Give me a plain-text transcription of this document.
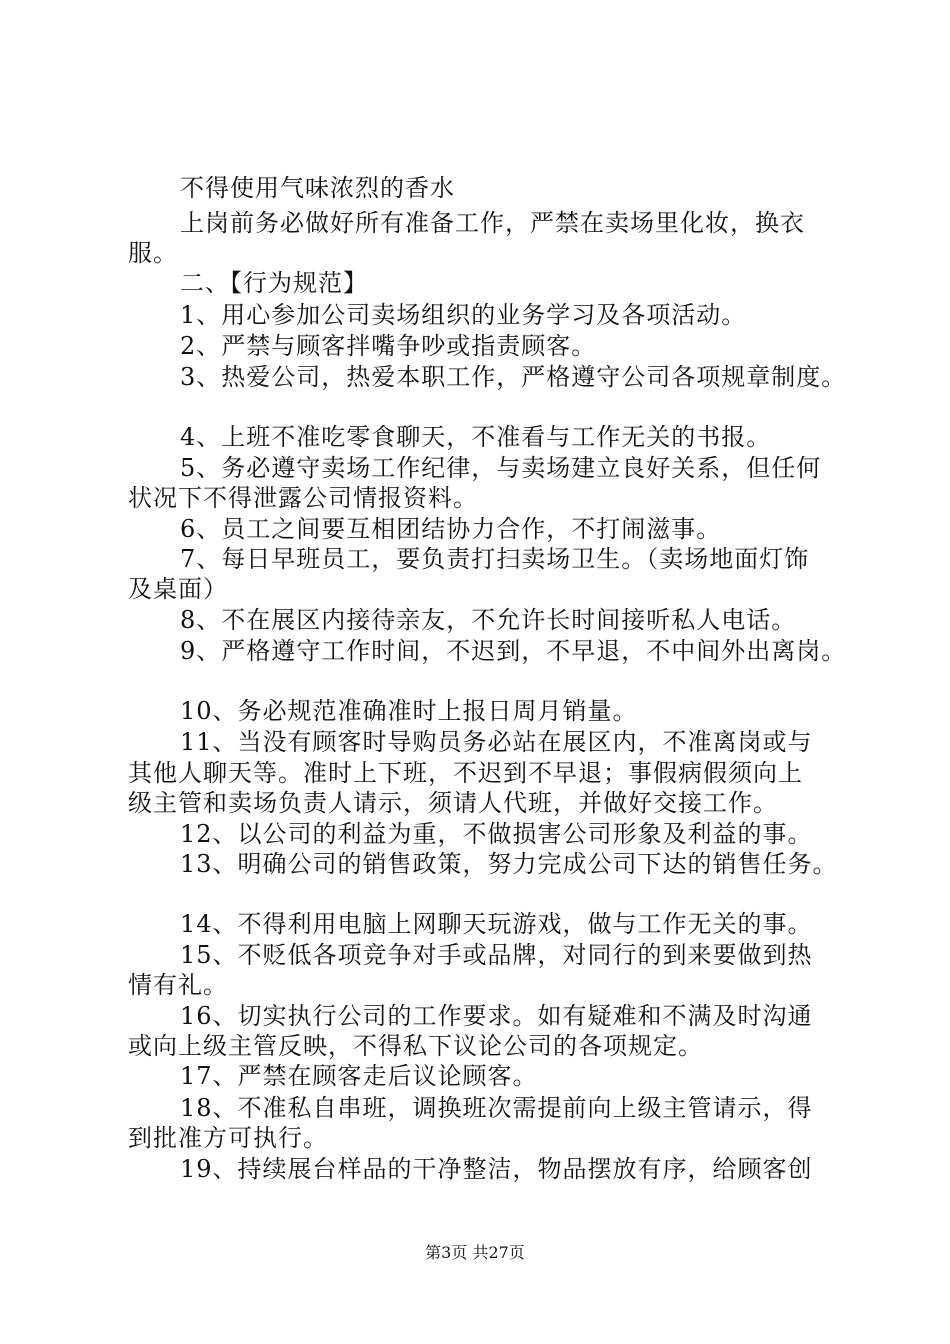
不得使用气味浓烈的香水
上岗前务必做好所有准备工作，严禁在卖场里化妆，换衣
服。
二、【行为规范】
1、用心参加公司卖场组织的业务学习及各项活动。
2、严禁与顾客拌嘴争吵或指责顾客。
3、热爱公司，热爱本职工作，严格遵守公司各项规章制度。
4、上班不准吃零食聊天，不准看与工作无关的书报。
5、务必遵守卖场工作纪律，与卖场建立良好关系，但任何
状况下不得泄露公司情报资料。
6、员工之间要互相团结协力合作，不打闹滋事。
7、每日早班员工，要负责打扫卖场卫生。（卖场地面灯饰
及桌面）
8、不在展区内接待亲友，不允许长时间接听私人电话。
9、严格遵守工作时间，不迟到，不早退，不中间外出离岗。
10、务必规范准确准时上报日周月销量。
11、当没有顾客时导购员务必站在展区内，不准离岗或与
其他人聊天等。准时上下班，不迟到不早退；事假病假须向上
级主管和卖场负责人请示，须请人代班，并做好交接工作。
12、以公司的利益为重，不做损害公司形象及利益的事。
13、明确公司的销售政策，努力完成公司下达的销售任务。
14、不得利用电脑上网聊天玩游戏，做与工作无关的事。
15、不贬低各项竞争对手或品牌，对同行的到来要做到热
情有礼。
16、切实执行公司的工作要求。如有疑难和不满及时沟通
或向上级主管反映，不得私下议论公司的各项规定。
17、严禁在顾客走后议论顾客。
18、不准私自串班，调换班次需提前向上级主管请示，得
到批准方可执行。
19、持续展台样品的干净整洁，物品摆放有序，给顾客创
第3页 共27页
